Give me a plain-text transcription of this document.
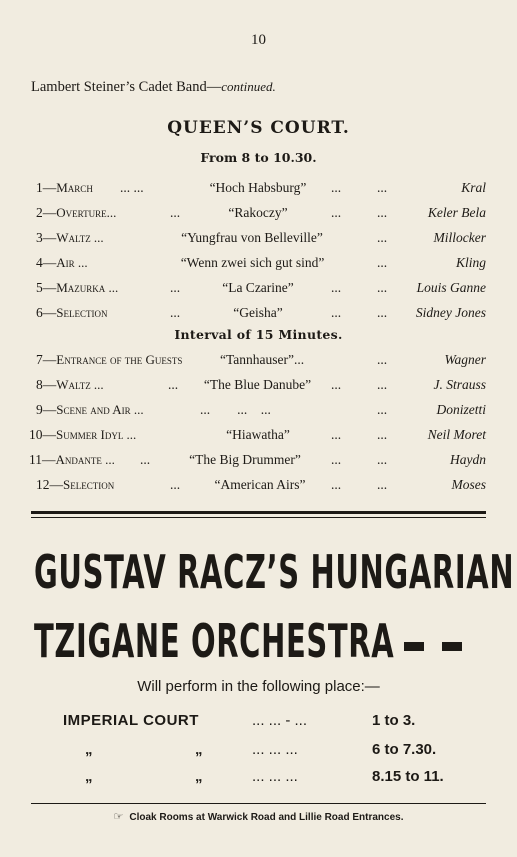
10
Lambert Steiner’s Cadet Band—continued.
QUEEN’S COURT.
From 8 to 10.30.
1—March ... ...	“Hoch Habsburg”	...	...	Kral
2—Overture...	...	“Rakoczy”	...	...	Keler Bela
3—Waltz ...	“Yungfrau von Belleville”	...	Millocker
4—Air ...	“Wenn zwei sich gut sind”	...	Kling
5—Mazurka ...	...	“La Czarine”	...	... Louis Ganne
6—Selection	...	“Geisha”	...	... Sidney Jones
Interval of 15 Minutes.
7—Entrance of the Guests	“Tannhauser”...	...	Wagner
8—Waltz ...	...	“The Blue Danube”	...	...	J. Strauss
9—Scene and Air ...	...        ...    ...	...	Donizetti
10—Summer Idyl ...	“Hiawatha”	...	...	Neil Moret
11—Andante ... ...	“The Big Drummer”	...	...	Haydn
12—Selection	...	“American Airs”	...	...	Moses
GUSTAV RACZ’S HUNGARIAN
TZIGANE ORCHESTRA
Will perform in the following place:—
IMPERIAL COURT	... ... - ...	1 to 3.
„	„	... ... ...	6 to 7.30.
„	„	... ... ...	8.15 to 11.
☞ Cloak Rooms at Warwick Road and Lillie Road Entrances.
